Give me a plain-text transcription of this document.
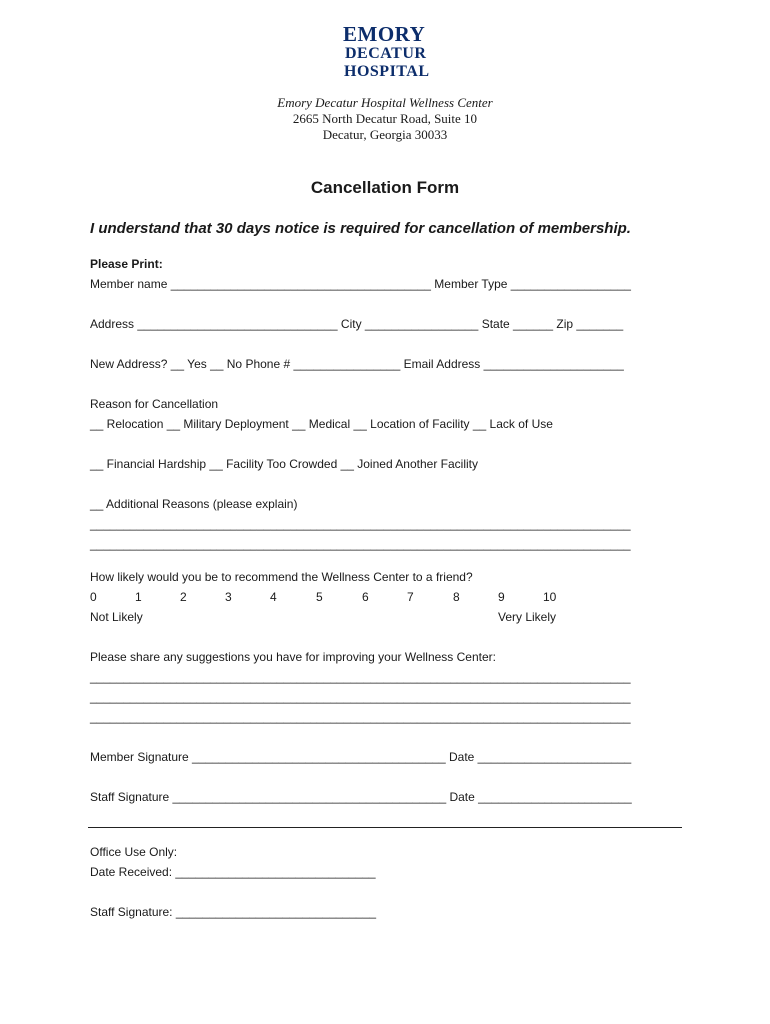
EMORY
DECATUR
HOSPITAL
Emory Decatur Hospital Wellness Center
2665 North Decatur Road, Suite 10
Decatur, Georgia 30033
Cancellation Form
I understand that 30 days notice is required for cancellation of membership.
Please Print:
Member name _______________________________________ Member Type __________________
Address ______________________________ City _________________ State ______ Zip _______
New Address? __ Yes __ No Phone # ________________ Email Address _____________________
Reason for Cancellation
__ Relocation __ Military Deployment __ Medical __ Location of Facility __ Lack of Use
__ Financial Hardship __ Facility Too Crowded __ Joined Another Facility
__ Additional Reasons (please explain)
_________________________________________________________________________________
_________________________________________________________________________________
How likely would you be to recommend the Wellness Center to a friend?
0	1	2	3	4	5	6	7	8	9	10
Not Likely	Very Likely
Please share any suggestions you have for improving your Wellness Center:
_________________________________________________________________________________
_________________________________________________________________________________
_________________________________________________________________________________
Member Signature ______________________________________ Date _______________________
Staff Signature _________________________________________ Date _______________________
Office Use Only:
Date Received: ______________________________
Staff Signature: ______________________________
